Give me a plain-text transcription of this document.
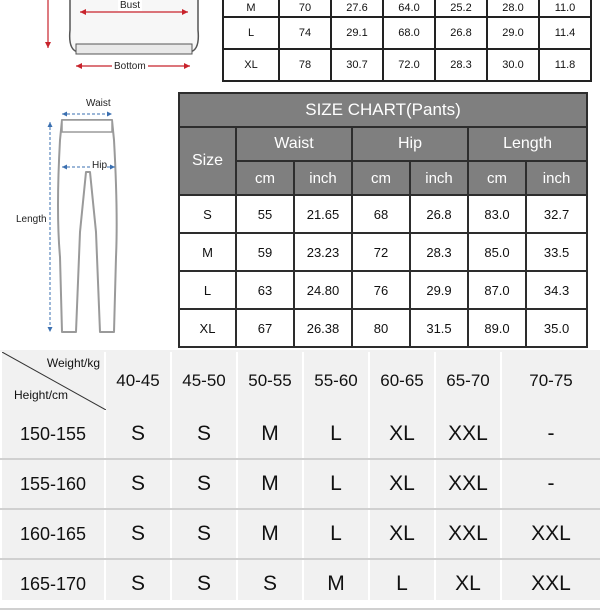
Bust
Bottom
M	70	27.6	64.0	25.2	28.0	11.0
L	74	29.1	68.0	26.8	29.0	11.4
XL	78	30.7	72.0	28.3	30.0	11.8
Waist
Hip
Length
SIZE CHART(Pants)						
Size	Waist		Hip		Length	
	cm	inch	cm	inch	cm	inch
S	55	21.65	68	26.8	83.0	32.7
M	59	23.23	72	28.3	85.0	33.5
L	63	24.80	76	29.9	87.0	34.3
XL	67	26.38	80	31.5	89.0	35.0
Weight/kg
Height/cm	40-45	45-50	50-55	55-60	60-65	65-70	70-75
150-155	S	S	M	L	XL	XXL	-
155-160	S	S	M	L	XL	XXL	-
160-165	S	S	M	L	XL	XXL	XXL
165-170	S	S	S	M	L	XL	XXL
